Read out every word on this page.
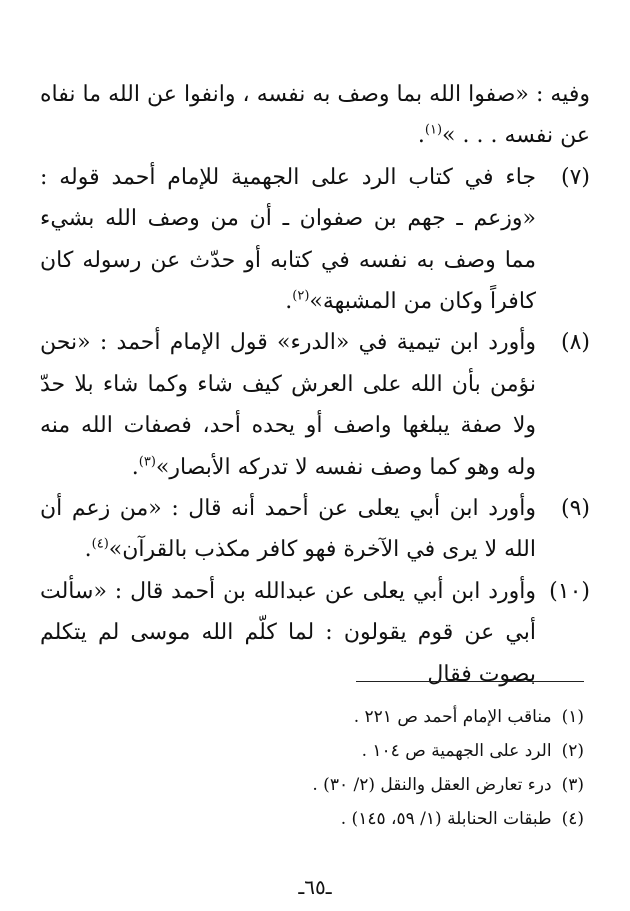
وفيه : «صفوا الله بما وصف به نفسه ، وانفوا عن الله ما نفاه عن نفسه . . . »$^{(١)}$.

(٧)
جاء في كتاب الرد على الجهمية للإمام أحمد قوله : «وزعم ـ جهم بن صفوان ـ أن من وصف الله بشيء مما وصف به نفسه في كتابه أو حدّث عن رسوله كان كافراً وكان من المشبهة»$^{(٢)}$.

(٨)
وأورد ابن تيمية في «الدرء» قول الإمام أحمد : «نحن نؤمن بأن الله على العرش كيف شاء وكما شاء بلا حدّ ولا صفة يبلغها واصف أو يحده أحد، فصفات الله منه وله وهو كما وصف نفسه لا تدركه الأبصار»$^{(٣)}$.

(٩)
وأورد ابن أبي يعلى عن أحمد أنه قال : «من زعم أن الله لا يرى في الآخرة فهو كافر مكذب بالقرآن»$^{(٤)}$.

(١٠)
وأورد ابن أبي يعلى عن عبدالله بن أحمد قال : «سألت أبي عن قوم يقولون : لما كلّم الله موسى لم يتكلم بصوت فقال

(١)مناقب الإمام أحمد ص ٢٢١ .

(٢)الرد على الجهمية ص ١٠٤ .

(٣)درء تعارض العقل والنقل (٢/ ٣٠) .

(٤)طبقات الحنابلة (١/ ٥٩، ١٤٥) .

ـ٦٥ـ
